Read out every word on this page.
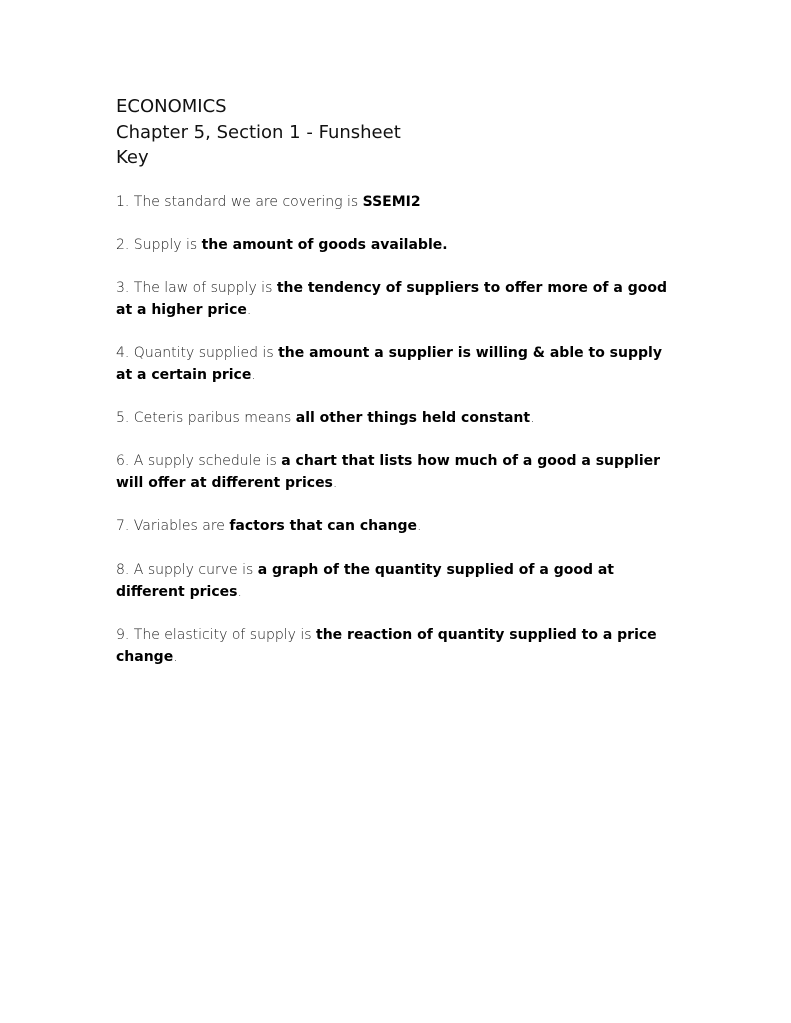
ECONOMICS
Chapter 5, Section 1 - Funsheet
Key
1. The standard we are covering is SSEMI2
2. Supply is the amount of goods available.
3. The law of supply is the tendency of suppliers to offer more of a good at a higher price.
4. Quantity supplied is the amount a supplier is willing & able to supply at a certain price.
5. Ceteris paribus means all other things held constant.
6. A supply schedule is a chart that lists how much of a good a supplier will offer at different prices.
7. Variables are factors that can change.
8. A supply curve is a graph of the quantity supplied of a good at different prices.
9. The elasticity of supply is the reaction of quantity supplied to a price change.
